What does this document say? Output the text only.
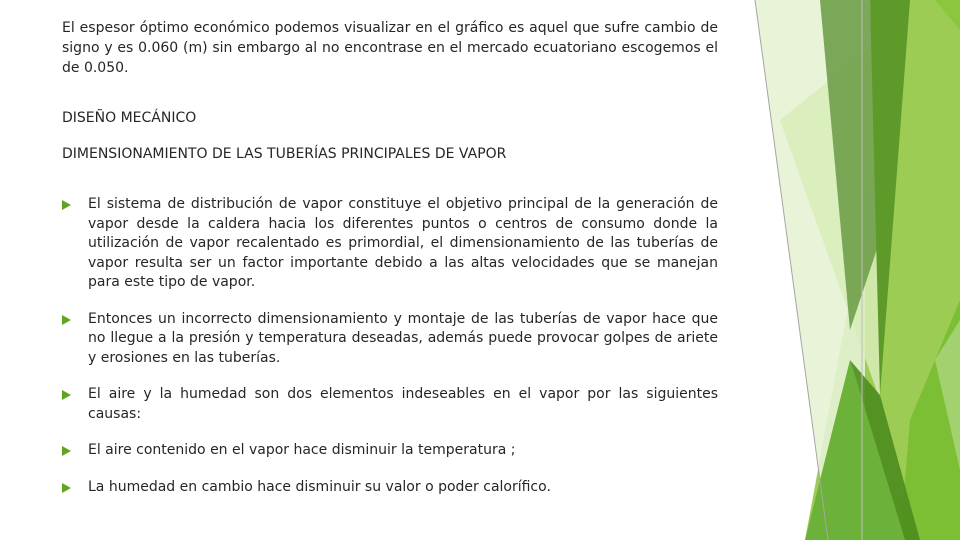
El espesor óptimo económico podemos visualizar en el gráfico es aquel que sufre cambio de signo y es 0.060 (m) sin embargo al no encontrase en el mercado ecuatoriano escogemos el de 0.050.

DISEÑO MECÁNICO
DIMENSIONAMIENTO DE LAS TUBERÍAS PRINCIPALES DE VAPOR
El sistema de distribución de vapor constituye el objetivo principal de la generación de vapor desde la caldera hacia los diferentes puntos o centros de consumo donde la utilización de vapor recalentado es primordial, el dimensionamiento de las tuberías de vapor resulta ser un factor importante debido a las altas velocidades que se manejan para este tipo de vapor.
Entonces un incorrecto dimensionamiento y montaje de las tuberías de vapor hace que no llegue a la presión y temperatura deseadas, además puede provocar golpes de ariete y erosiones en las tuberías.
El aire y la humedad son dos elementos indeseables en el vapor por las siguientes causas:
El aire contenido en el vapor hace disminuir la temperatura ;
La humedad en cambio hace disminuir su valor o poder calorífico.
